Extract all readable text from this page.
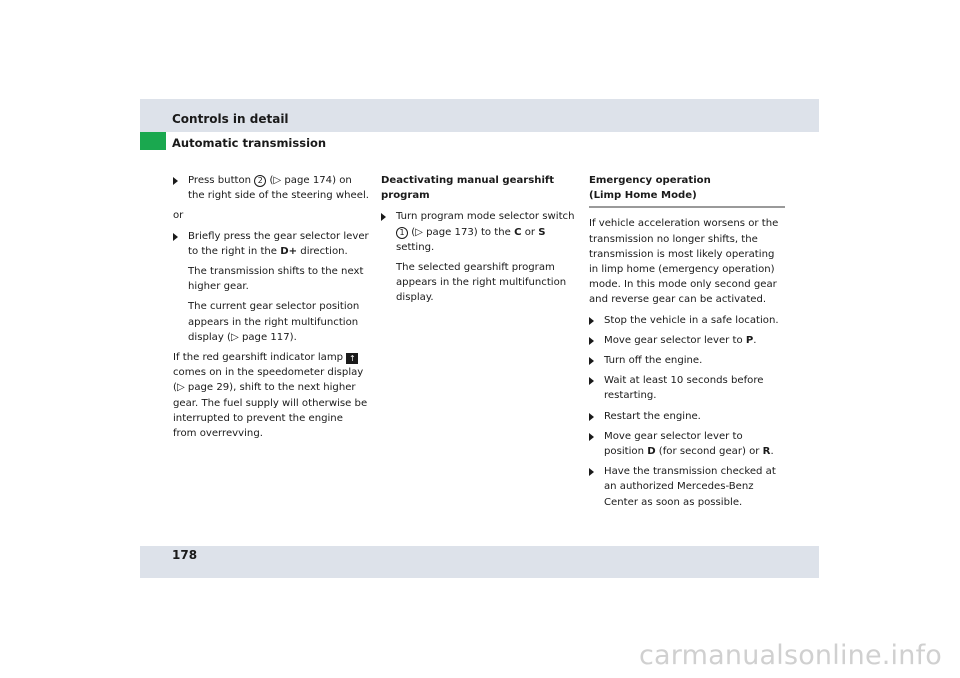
Controls in detail
Automatic transmission
Press button 2 (▷ page 174) on the right side of the steering wheel.

or

Briefly press the gear selector lever to the right in the D+ direction.

The transmission shifts to the next higher gear.

The current gear selector position appears in the right multifunction display (▷ page 117).

If the red gearshift indicator lamp ↑ comes on in the speedometer display (▷ page 29), shift to the next higher gear. The fuel supply will otherwise be interrupted to prevent the engine from overrevving.

Deactivating manual gearshift program

Turn program mode selector switch 1 (▷ page 173) to the C or S setting.

The selected gearshift program appears in the right multifunction display.

Emergency operation
(Limp Home Mode)

If vehicle acceleration worsens or the transmission no longer shifts, the transmission is most likely operating in limp home (emergency operation) mode. In this mode only second gear and reverse gear can be activated.

Stop the vehicle in a safe location.
Move gear selector lever to P.
Turn off the engine.
Wait at least 10 seconds before restarting.
Restart the engine.
Move gear selector lever to position D (for second gear) or R.
Have the transmission checked at an authorized Mercedes-Benz Center as soon as possible.
178
carmanualsonline.info
